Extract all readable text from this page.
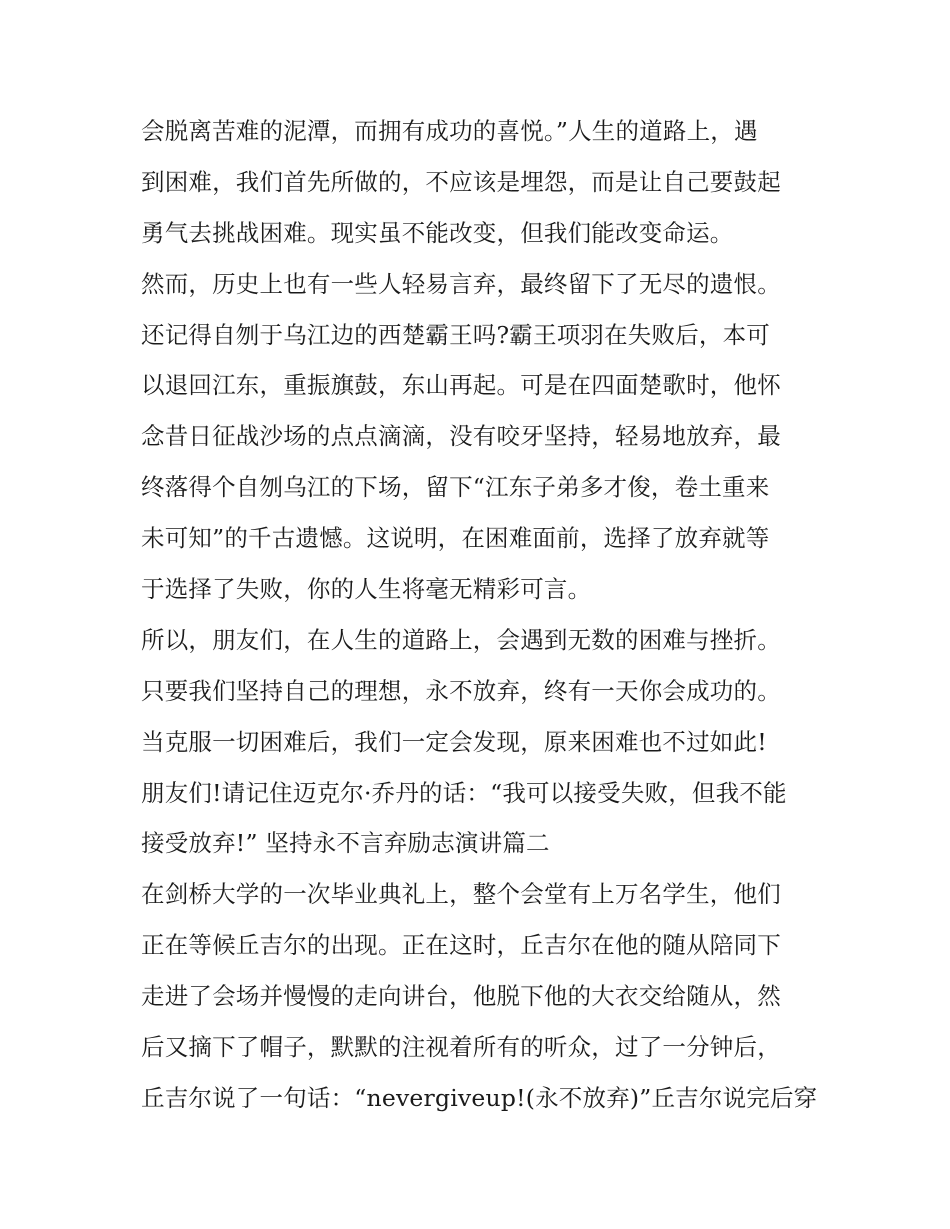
会脱离苦难的泥潭，而拥有成功的喜悦。”人生的道路上，遇
到困难，我们首先所做的，不应该是埋怨，而是让自己要鼓起
勇气去挑战困难。现实虽不能改变，但我们能改变命运。
然而，历史上也有一些人轻易言弃，最终留下了无尽的遗恨。
还记得自刎于乌江边的西楚霸王吗?霸王项羽在失败后，本可
以退回江东，重振旗鼓，东山再起。可是在四面楚歌时，他怀
念昔日征战沙场的点点滴滴，没有咬牙坚持，轻易地放弃，最
终落得个自刎乌江的下场，留下“江东子弟多才俊，卷土重来
未可知”的千古遗憾。这说明，在困难面前，选择了放弃就等
于选择了失败，你的人生将毫无精彩可言。
所以，朋友们，在人生的道路上，会遇到无数的困难与挫折。
只要我们坚持自己的理想，永不放弃，终有一天你会成功的。
当克服一切困难后，我们一定会发现，原来困难也不过如此!
朋友们!请记住迈克尔·乔丹的话：“我可以接受失败，但我不能
接受放弃!” 坚持永不言弃励志演讲篇二
在剑桥大学的一次毕业典礼上，整个会堂有上万名学生，他们
正在等候丘吉尔的出现。正在这时，丘吉尔在他的随从陪同下
走进了会场并慢慢的走向讲台，他脱下他的大衣交给随从，然
后又摘下了帽子，默默的注视着所有的听众，过了一分钟后，
丘吉尔说了一句话：“nevergiveup!(永不放弃)”丘吉尔说完后穿
